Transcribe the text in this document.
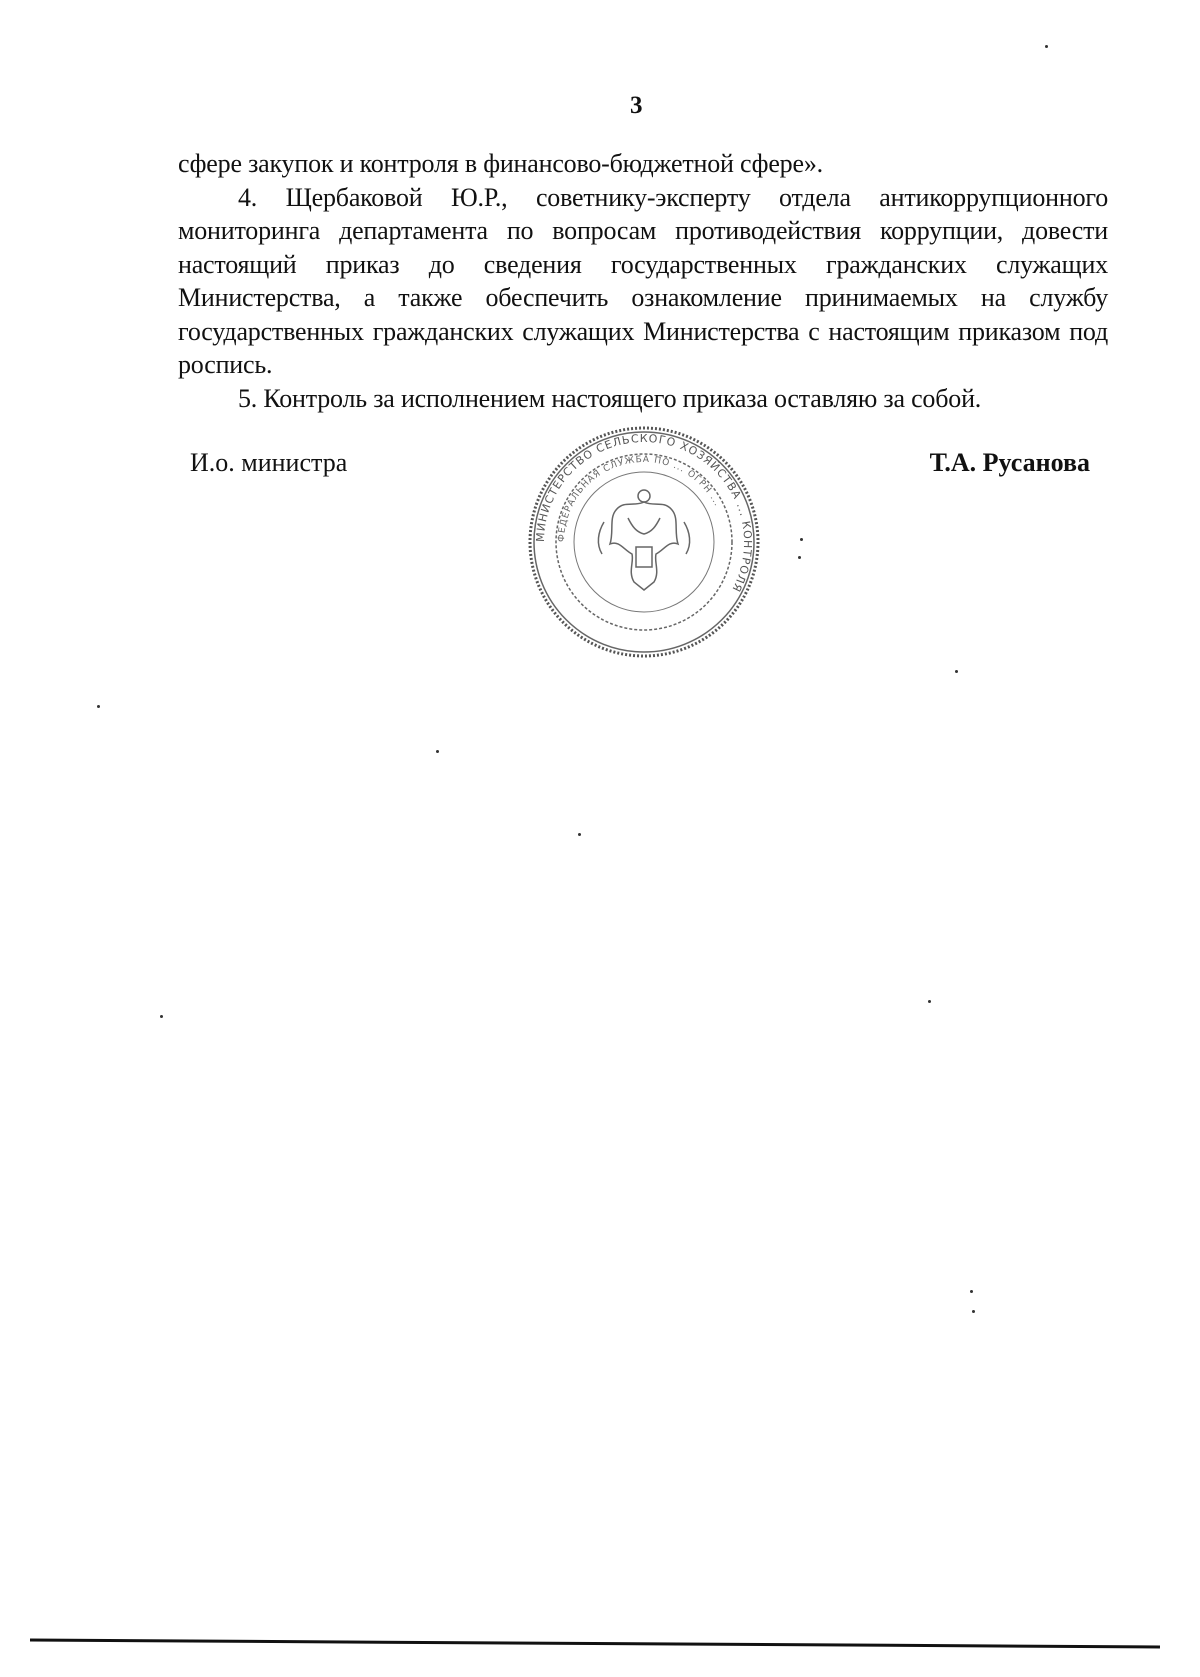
3

сфере закупок и контроля в финансово-бюджетной сфере».

4. Щербаковой Ю.Р., советнику-эксперту отдела антикоррупционного мониторинга департамента по вопросам противодействия коррупции, довести настоящий приказ до сведения государственных гражданских служащих Министерства, а также обеспечить ознакомление принимаемых на службу государственных гражданских служащих Министерства с настоящим приказом под роспись.

5. Контроль за исполнением настоящего приказа оставляю за собой.

И.о. министра	Т.А. Русанова
МИНИСТЕРСТВО СЕЛЬСКОГО ХОЗЯЙСТВА ... КОНТРОЛЯ
ФЕДЕРАЛЬНАЯ СЛУЖБА ПО ... ОГРН ...
